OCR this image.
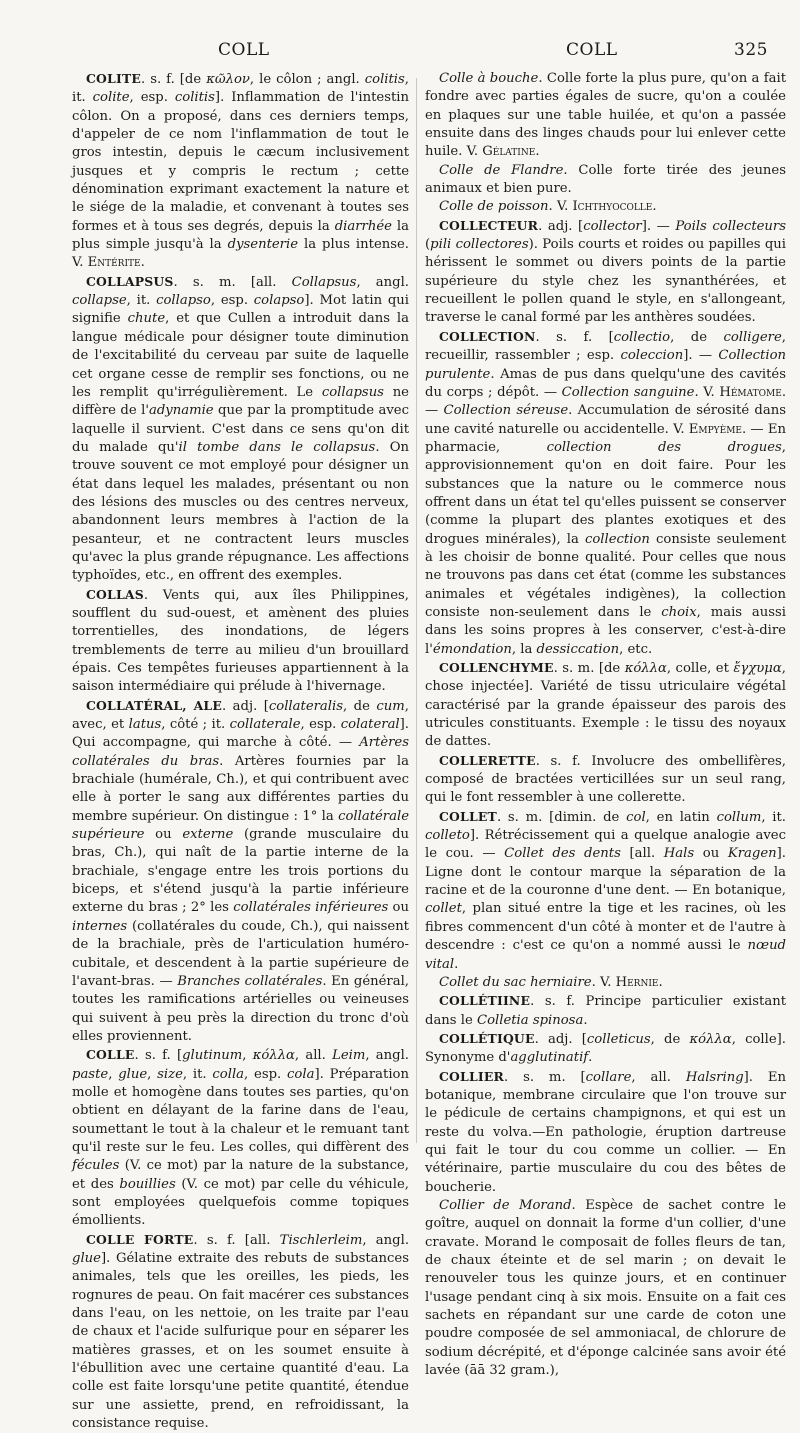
COLL	COLL	325

COLITE. s. f. [de κῶλον, le côlon ; angl. colitis, it. colite, esp. colitis]. Inflammation de l'intestin côlon. On a proposé, dans ces derniers temps, d'appeler de ce nom l'inflammation de tout le gros intestin, depuis le cæcum inclusivement jusques et y compris le rectum ; cette dénomination exprimant exactement la nature et le siége de la maladie, et convenant à toutes ses formes et à tous ses degrés, depuis la diarrhée la plus simple jusqu'à la dysenterie la plus intense. V. Entérite.

COLLAPSUS. s. m. [all. Collapsus, angl. collapse, it. collapso, esp. colapso]. Mot latin qui signifie chute, et que Cullen a introduit dans la langue médicale pour désigner toute diminution de l'excitabilité du cerveau par suite de laquelle cet organe cesse de remplir ses fonctions, ou ne les remplit qu'irrégulièrement. Le collapsus ne diffère de l'adynamie que par la promptitude avec laquelle il survient. C'est dans ce sens qu'on dit du malade qu'il tombe dans le collapsus. On trouve souvent ce mot employé pour désigner un état dans lequel les malades, présentant ou non des lésions des muscles ou des centres nerveux, abandonnent leurs membres à l'action de la pesanteur, et ne contractent leurs muscles qu'avec la plus grande répugnance. Les affections typhoïdes, etc., en offrent des exemples.

COLLAS. Vents qui, aux îles Philippines, soufflent du sud-ouest, et amènent des pluies torrentielles, des inondations, de légers tremblements de terre au milieu d'un brouillard épais. Ces tempêtes furieuses appartiennent à la saison intermédiaire qui prélude à l'hivernage.

COLLATÉRAL, ALE. adj. [collateralis, de cum, avec, et latus, côté ; it. collaterale, esp. colateral]. Qui accompagne, qui marche à côté. — Artères collatérales du bras. Artères fournies par la brachiale (humérale, Ch.), et qui contribuent avec elle à porter le sang aux différentes parties du membre supérieur. On distingue : 1° la collatérale supérieure ou externe (grande musculaire du bras, Ch.), qui naît de la partie interne de la brachiale, s'engage entre les trois portions du biceps, et s'étend jusqu'à la partie inférieure externe du bras ; 2° les collatérales inférieures ou internes (collatérales du coude, Ch.), qui naissent de la brachiale, près de l'articulation huméro-cubitale, et descendent à la partie supérieure de l'avant-bras. — Branches collatérales. En général, toutes les ramifications artérielles ou veineuses qui suivent à peu près la direction du tronc d'où elles proviennent.

COLLE. s. f. [glutinum, κόλλα, all. Leim, angl. paste, glue, size, it. colla, esp. cola]. Préparation molle et homogène dans toutes ses parties, qu'on obtient en délayant de la farine dans de l'eau, soumettant le tout à la chaleur et le remuant tant qu'il reste sur le feu. Les colles, qui diffèrent des fécules (V. ce mot) par la nature de la substance, et des bouillies (V. ce mot) par celle du véhicule, sont employées quelquefois comme topiques émollients.

COLLE FORTE. s. f. [all. Tischlerleim, angl. glue]. Gélatine extraite des rebuts de substances animales, tels que les oreilles, les pieds, les rognures de peau. On fait macérer ces substances dans l'eau, on les nettoie, on les traite par l'eau de chaux et l'acide sulfurique pour en séparer les matières grasses, et on les soumet ensuite à l'ébullition avec une certaine quantité d'eau. La colle est faite lorsqu'une petite quantité, étendue sur une assiette, prend, en refroidissant, la consistance requise.

Colle à bouche. Colle forte la plus pure, qu'on a fait fondre avec parties égales de sucre, qu'on a coulée en plaques sur une table huilée, et qu'on a passée ensuite dans des linges chauds pour lui enlever cette huile. V. Gélatine.

Colle de Flandre. Colle forte tirée des jeunes animaux et bien pure.

Colle de poisson. V. Ichthyocolle.

COLLECTEUR. adj. [collector]. — Poils collecteurs (pili collectores). Poils courts et roides ou papilles qui hérissent le sommet ou divers points de la partie supérieure du style chez les synanthérées, et recueillent le pollen quand le style, en s'allongeant, traverse le canal formé par les anthères soudées.

COLLECTION. s. f. [collectio, de colligere, recueillir, rassembler ; esp. coleccion]. — Collection purulente. Amas de pus dans quelqu'une des cavités du corps ; dépôt. — Collection sanguine. V. Hématome. — Collection séreuse. Accumulation de sérosité dans une cavité naturelle ou accidentelle. V. Empyème. — En pharmacie, collection des drogues, approvisionnement qu'on en doit faire. Pour les substances que la nature ou le commerce nous offrent dans un état tel qu'elles puissent se conserver (comme la plupart des plantes exotiques et des drogues minérales), la collection consiste seulement à les choisir de bonne qualité. Pour celles que nous ne trouvons pas dans cet état (comme les substances animales et végétales indigènes), la collection consiste non-seulement dans le choix, mais aussi dans les soins propres à les conserver, c'est-à-dire l'émondation, la dessiccation, etc.

COLLENCHYME. s. m. [de κόλλα, colle, et ἔγχυμα, chose injectée]. Variété de tissu utriculaire végétal caractérisé par la grande épaisseur des parois des utricules constituants. Exemple : le tissu des noyaux de dattes.

COLLERETTE. s. f. Involucre des ombellifères, composé de bractées verticillées sur un seul rang, qui le font ressembler à une collerette.

COLLET. s. m. [dimin. de col, en latin collum, it. colleto]. Rétrécissement qui a quelque analogie avec le cou. — Collet des dents [all. Hals ou Kragen]. Ligne dont le contour marque la séparation de la racine et de la couronne d'une dent. — En botanique, collet, plan situé entre la tige et les racines, où les fibres commencent d'un côté à monter et de l'autre à descendre : c'est ce qu'on a nommé aussi le nœud vital.

Collet du sac herniaire. V. Hernie.

COLLÉTIINE. s. f. Principe particulier existant dans le Colletia spinosa.

COLLÉTIQUE. adj. [colleticus, de κόλλα, colle]. Synonyme d'agglutinatif.

COLLIER. s. m. [collare, all. Halsring]. En botanique, membrane circulaire que l'on trouve sur le pédicule de certains champignons, et qui est un reste du volva.—En pathologie, éruption dartreuse qui fait le tour du cou comme un collier. — En vétérinaire, partie musculaire du cou des bêtes de boucherie.

Collier de Morand. Espèce de sachet contre le goître, auquel on donnait la forme d'un collier, d'une cravate. Morand le composait de folles fleurs de tan, de chaux éteinte et de sel marin ; on devait le renouveler tous les quinze jours, et en continuer l'usage pendant cinq à six mois. Ensuite on a fait ces sachets en répandant sur une carde de coton une poudre composée de sel ammoniacal, de chlorure de sodium décrépité, et d'éponge calcinée sans avoir été lavée (āā 32 gram.),
